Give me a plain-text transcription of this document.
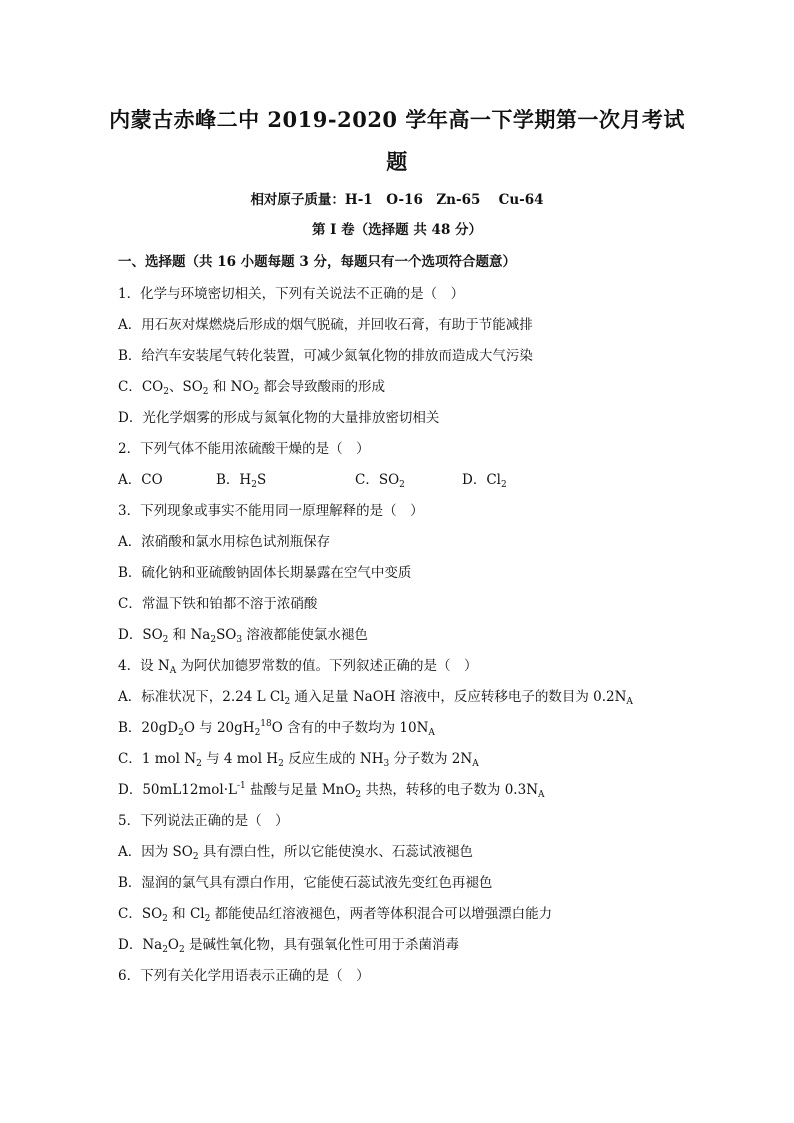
内蒙古赤峰二中 2019-2020 学年高一下学期第一次月考试
题
相对原子质量：H-1　O-16　Zn-65　 Cu-64
第 I 卷（选择题 共 48 分）
一、选择题（共 16 小题每题 3 分，每题只有一个选项符合题意）
1．化学与环境密切相关，下列有关说法不正确的是（　）
A．用石灰对煤燃烧后形成的烟气脱硫，并回收石膏，有助于节能减排
B．给汽车安装尾气转化装置，可减少氮氧化物的排放而造成大气污染
C．$CO_2$、$SO_2$ 和 $NO_2$ 都会导致酸雨的形成
D．光化学烟雾的形成与氮氧化物的大量排放密切相关
2．下列气体不能用浓硫酸干燥的是（　）
A．CO	B．$H_2S$	C．$SO_2$	D．$Cl_2$
3．下列现象或事实不能用同一原理解释的是（　）
A．浓硝酸和氯水用棕色试剂瓶保存
B．硫化钠和亚硫酸钠固体长期暴露在空气中变质
C．常温下铁和铂都不溶于浓硝酸
D．$SO_2$ 和 $Na_2SO_3$ 溶液都能使氯水褪色
4．设 $N_A$ 为阿伏加德罗常数的值。下列叙述正确的是（　）
A．标准状况下，2.24 L $Cl_2$ 通入足量 NaOH 溶液中，反应转移电子的数目为 $0.2N_A$
B．$20gD_2O$ 与 $20gH_2^{18}O$ 含有的中子数均为 $10N_A$
C．1 mol $N_2$ 与 4 mol $H_2$ 反应生成的 $NH_3$ 分子数为 $2N_A$
D．$50mL12mol\cdot L^{-1}$ 盐酸与足量 MnO$_2$ 共热，转移的电子数为 $0.3N_A$
5．下列说法正确的是（　）
A．因为 $SO_2$ 具有漂白性，所以它能使溴水、石蕊试液褪色
B．湿润的氯气具有漂白作用，它能使石蕊试液先变红色再褪色
C．$SO_2$ 和 $Cl_2$ 都能使品红溶液褪色，两者等体积混合可以增强漂白能力
D．$Na_2O_2$ 是碱性氧化物，具有强氧化性可用于杀菌消毒
6．下列有关化学用语表示正确的是（　）
